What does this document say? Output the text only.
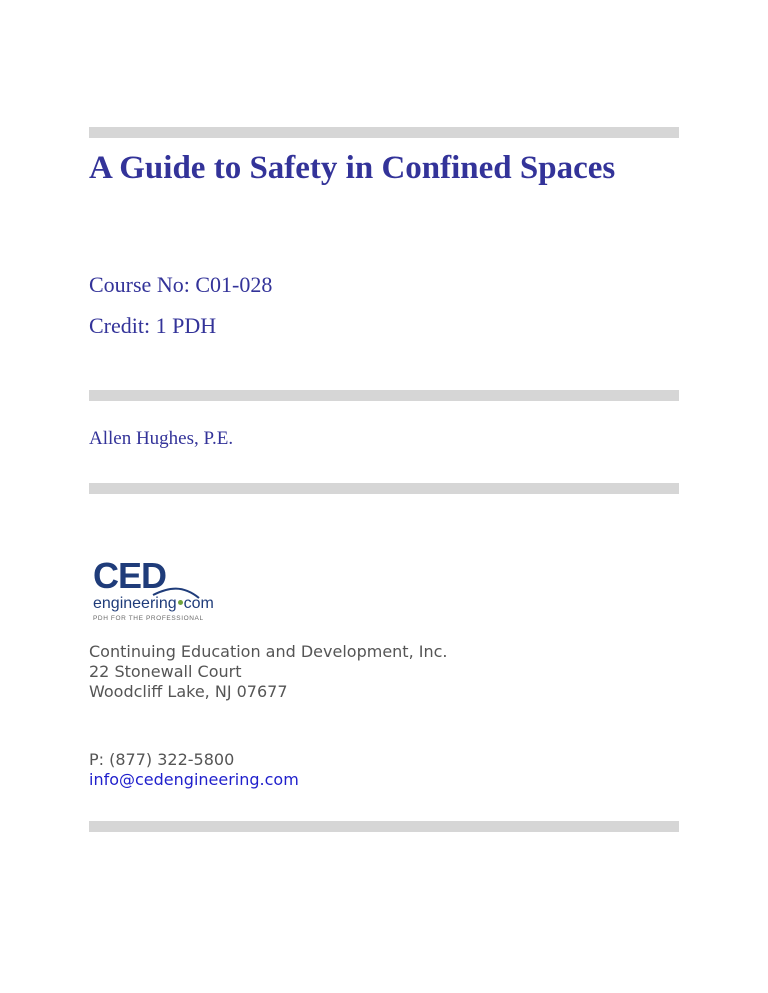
A Guide to Safety in Confined Spaces

Course No: C01-028

Credit: 1 PDH

Allen Hughes, P.E.

CED
engineering com
PDH FOR THE PROFESSIONAL

Continuing Education and Development, Inc.

22 Stonewall Court

Woodcliff Lake, NJ 07677

P: (877) 322-5800

info@cedengineering.com
